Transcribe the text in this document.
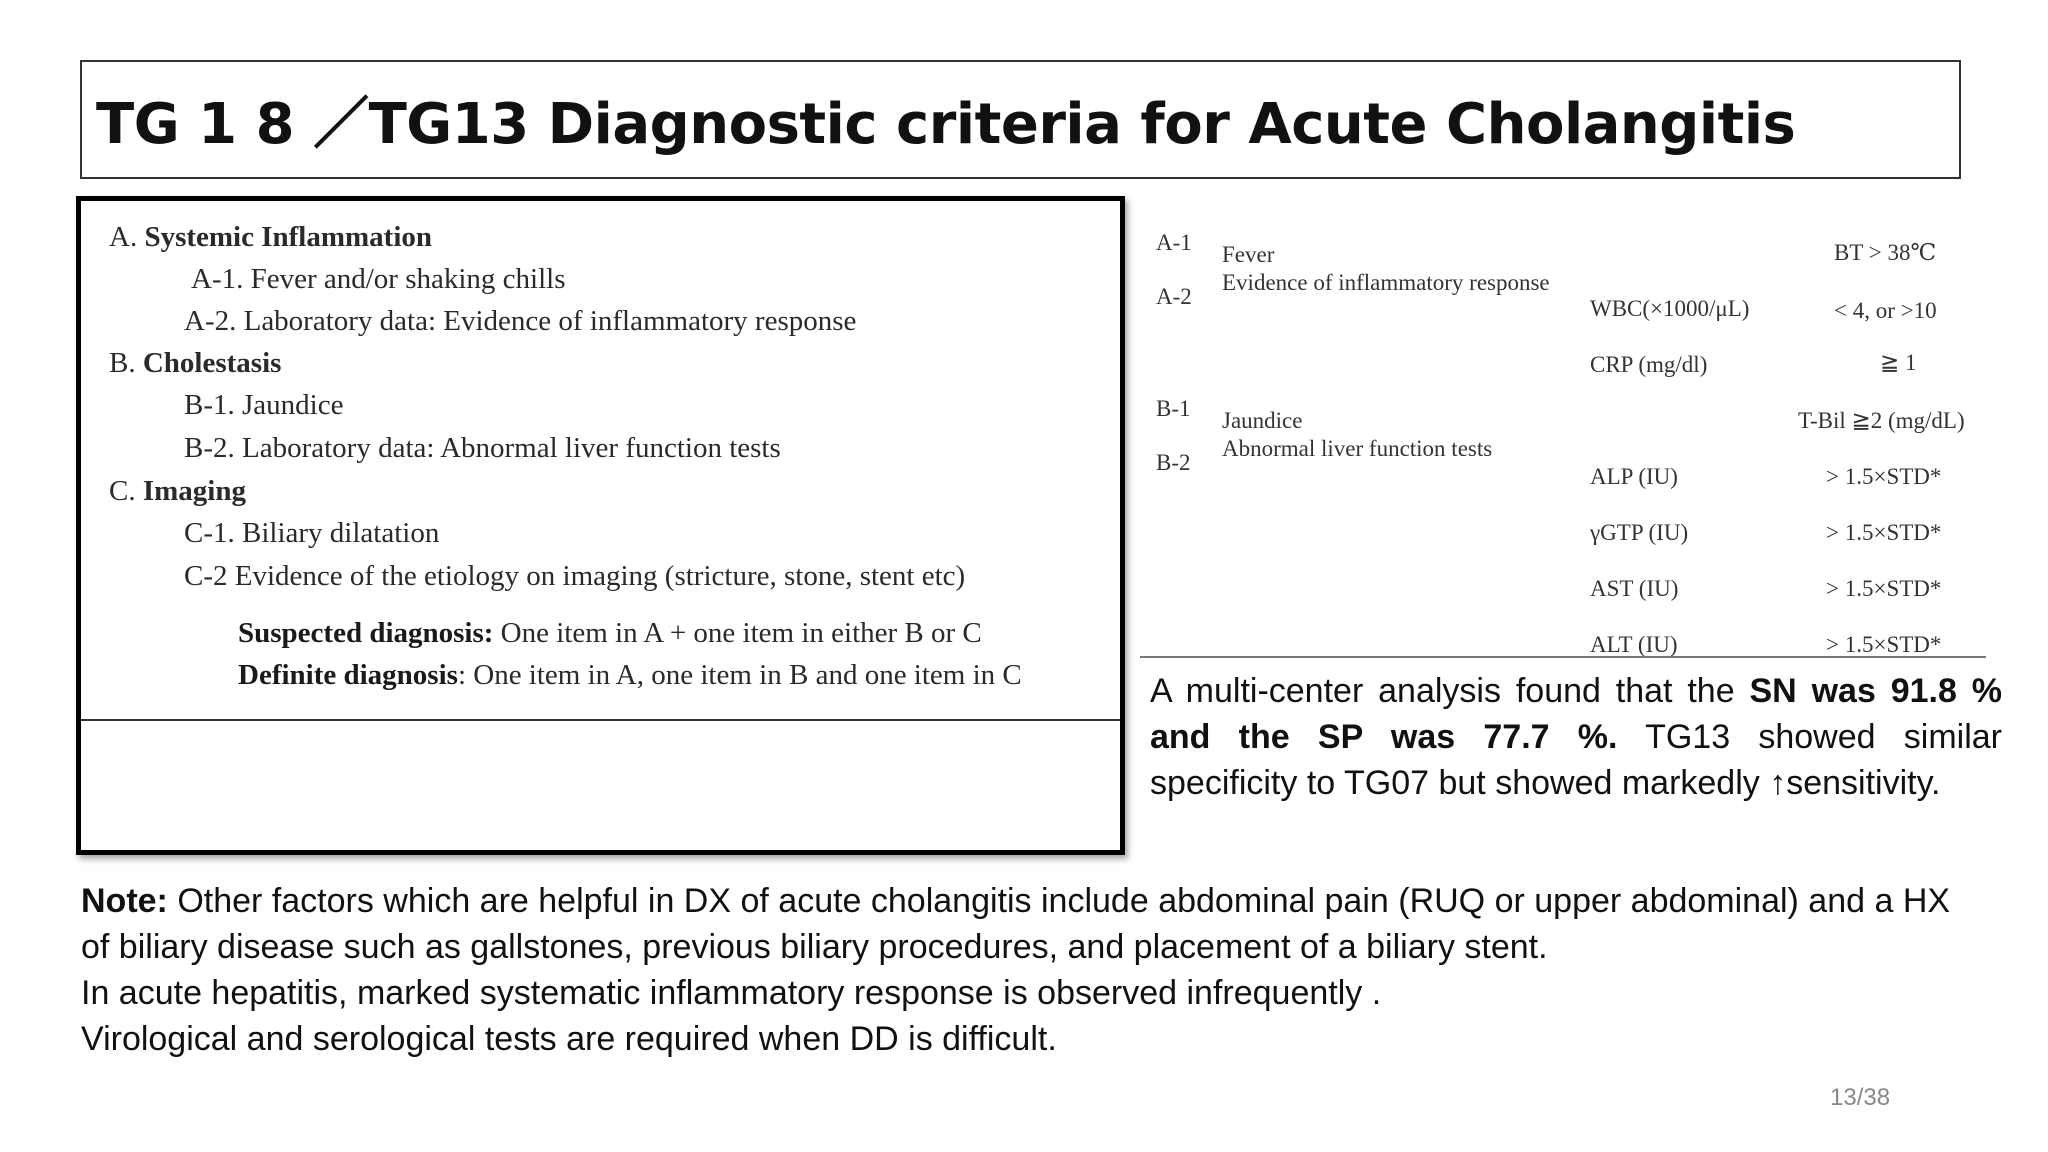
TG 1 8 ／TG13 Diagnostic criteria for Acute Cholangitis
A. Systemic Inflammation
A-1. Fever and/or shaking chills
A-2. Laboratory data: Evidence of inflammatory response
B. Cholestasis
B-1. Jaundice
B-2. Laboratory data: Abnormal liver function tests
C. Imaging
C-1. Biliary dilatation
C-2 Evidence of the etiology on imaging (stricture, stone, stent etc)
Suspected diagnosis: One item in A + one item in either B or C
Definite diagnosis: One item in A, one item in B and one item in C
A-1
A-2
B-1
B-2
Fever
Evidence of inflammatory response
Jaundice
Abnormal liver function tests
WBC(×1000/μL)
CRP (mg/dl)
ALP (IU)
γGTP (IU)
AST (IU)
ALT (IU)
BT > 38℃
< 4, or >10
≧ 1
T-Bil ≧2 (mg/dL)
> 1.5×STD*
> 1.5×STD*
> 1.5×STD*
> 1.5×STD*
A multi-center analysis found that the SN was 91.8 % and the SP was 77.7 %. TG13 showed similar specificity to TG07 but showed markedly ↑sensitivity.

Note: Other factors which are helpful in DX of acute cholangitis include abdominal pain (RUQ or upper abdominal) and a HX of biliary disease such as gallstones, previous biliary procedures, and placement of a biliary stent.

In acute hepatitis, marked systematic inflammatory response is observed infrequently .

Virological and serological tests are required when DD is difficult.

13/38
